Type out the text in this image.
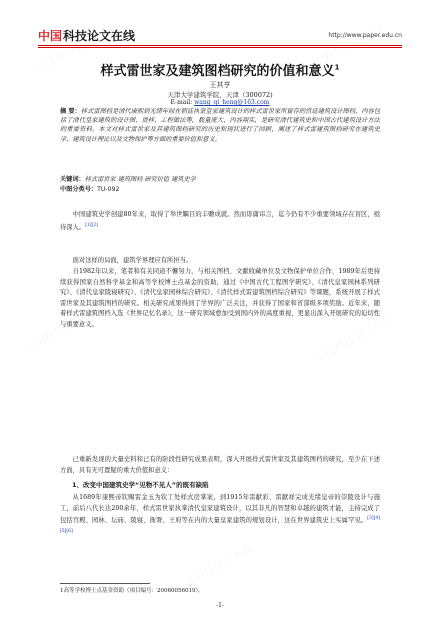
中国 科技论文在线	http://www.paper.edu.cn
样式雷世家及建筑图档研究的价值和意义$^1$
王其亨
天津大学建筑学院，天津（300072)
E-mail: wang_qi_heng@163.com
摘 要：样式雷图档是清代康熙到光绪年间在朝廷执掌皇家建筑设计的样式雷世家所留存的宫廷建筑设计图档，内容包括了清代皇家建筑的设计图、烫样、工程做法等，数量庞大、内容翔实，是研究清代建筑史和中国古代建筑设计方法的重要资料。本文对样式雷世家及其建筑图档研究的历史和现状进行了回顾，阐述了样式雷建筑图档研究在建筑史学、建筑设计理论以及文物保护等方面的重要价值和意义。
关键词：样式雷世家 建筑图档 研究价值 建筑史学
中图分类号：TU-092

中国建筑史学创建80年来，取得了举世瞩目的丰赡成就。然而毋庸讳言，迄今仍有不少重要领域存在盲区，亟待深入。[1][2]

面对这样的局面，建筑学界理应有所担当。

自1982年以来，笔者和有关同道不懈努力，与相关图档、文献收藏单位及文物保护单位合作，1989年后更持续获得国家自然科学基金和高等学校博士点基金的资助，通过《中国古代工程图学研究》、《清代皇家园林系列研究》、《清代皇家陵寝研究》、《清代皇家园林综合研究》、《清代样式雷建筑图档综合研究》等课题，系统开展了样式雷世家及其建筑图档的研究。相关研究成果得到了学界的广泛关注，并获得了国家和省部级多项奖励。近年来，随着样式雷建筑图档入选《世界记忆名录》，这一研究领域愈加受到国内外的高度重视，更显出深入开展研究的迫切性与重要意义。

已重新发现的大量史料和已有的阶段性研究成果表明，深入开展样式雷世家及其建筑图档的研究，至少在下述方面，具有无可置疑的重大价值和意义：

1、改变中国建筑史学“见物不见人”的既有缺陷

从1689年康熙帝钦赐雷金玉为钦工处样式房掌案，到1915年雷献彩、雷献祥完成光绪皇帝的崇陵设计与施工，前后八代长达200余年，样式雷世家执掌清代皇家建筑设计，以其非凡的智慧和卓越的建筑才能，主持完成了包括宫殿、园林、坛庙、陵寝、衙署、王府等在内的大量皇家建筑的规划设计，这在世界建筑史上实属罕见。[3][4][5][6]

1高等学校博士点基金资助（项目编号：20060056019）。
-1-
